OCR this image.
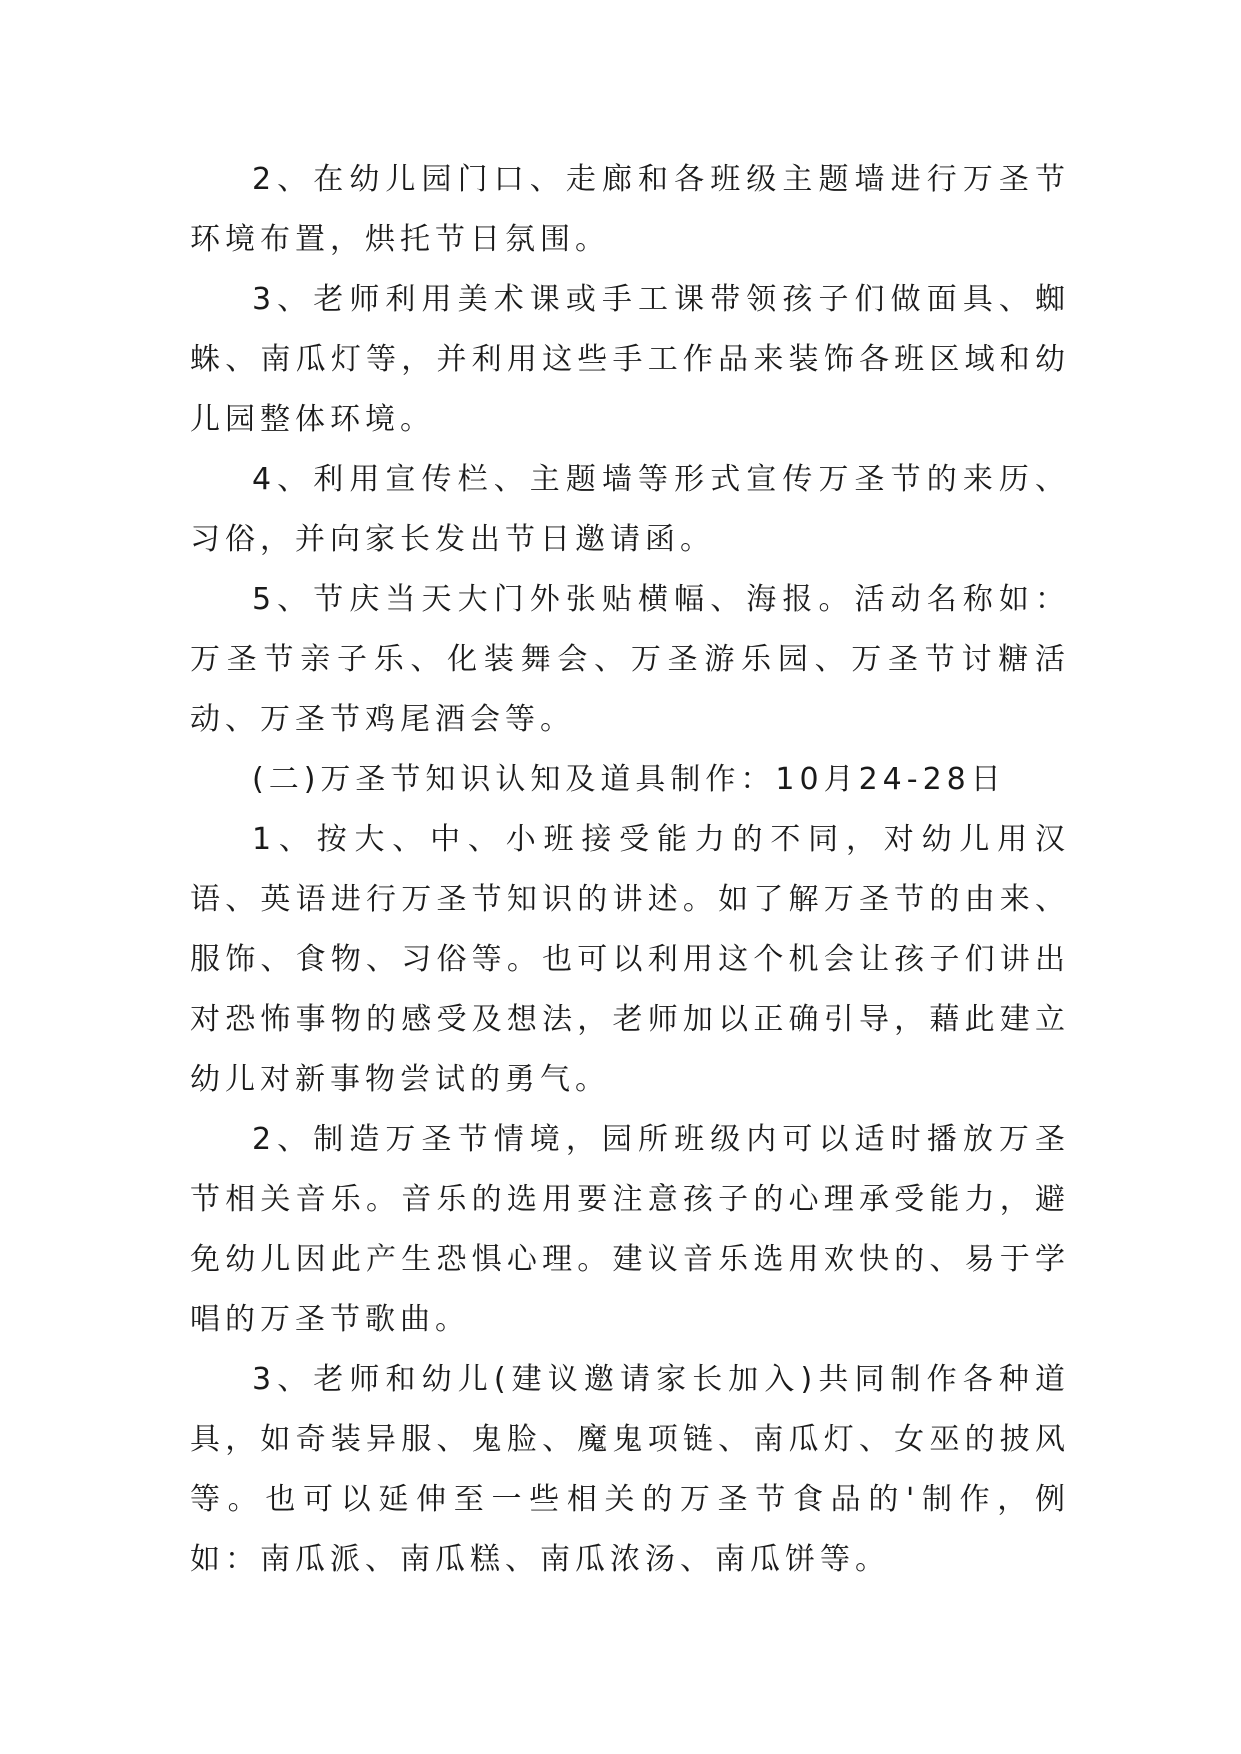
2、在幼儿园门口、走廊和各班级主题墙进行万圣节环境布置，烘托节日氛围。

3、老师利用美术课或手工课带领孩子们做面具、蜘蛛、南瓜灯等，并利用这些手工作品来装饰各班区域和幼儿园整体环境。

4、利用宣传栏、主题墙等形式宣传万圣节的来历、习俗，并向家长发出节日邀请函。

5、节庆当天大门外张贴横幅、海报。活动名称如：万圣节亲子乐、化装舞会、万圣游乐园、万圣节讨糖活动、万圣节鸡尾酒会等。

(二)万圣节知识认知及道具制作：10月24-28日

1、按大、中、小班接受能力的不同，对幼儿用汉语、英语进行万圣节知识的讲述。如了解万圣节的由来、服饰、食物、习俗等。也可以利用这个机会让孩子们讲出对恐怖事物的感受及想法，老师加以正确引导，藉此建立幼儿对新事物尝试的勇气。

2、制造万圣节情境，园所班级内可以适时播放万圣节相关音乐。音乐的选用要注意孩子的心理承受能力，避免幼儿因此产生恐惧心理。建议音乐选用欢快的、易于学唱的万圣节歌曲。

3、老师和幼儿(建议邀请家长加入)共同制作各种道具，如奇装异服、鬼脸、魔鬼项链、南瓜灯、女巫的披风等。也可以延伸至一些相关的万圣节食品的'制作，例如：南瓜派、南瓜糕、南瓜浓汤、南瓜饼等。
